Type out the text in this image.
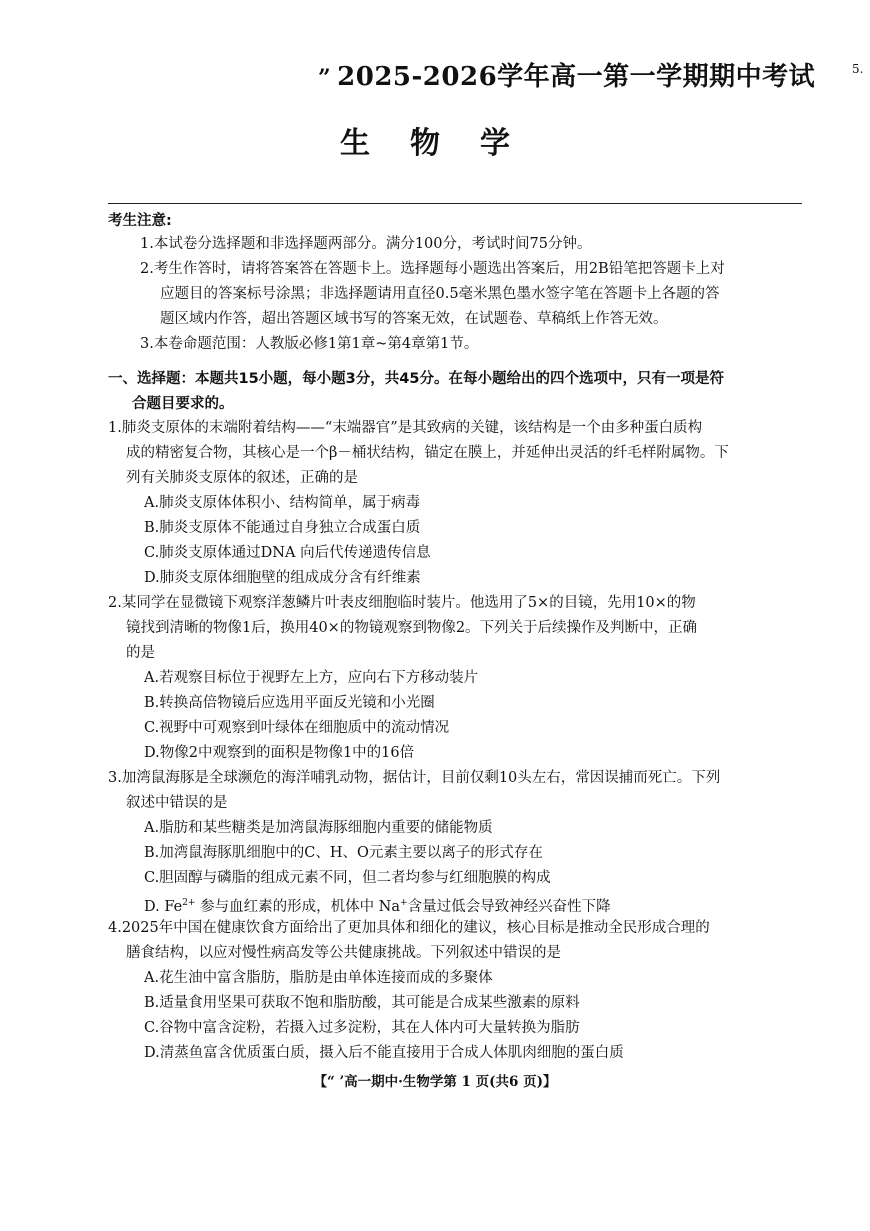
” 2025-2026学年高一第一学期期中考试	5.
生物学
考生注意:
1.本试卷分选择题和非选择题两部分。满分100分，考试时间75分钟。
2.考生作答时，请将答案答在答题卡上。选择题每小题选出答案后，用2B铅笔把答题卡上对
应题目的答案标号涂黑；非选择题请用直径0.5毫米黑色墨水签字笔在答题卡上各题的答
题区域内作答，超出答题区域书写的答案无效，在试题卷、草稿纸上作答无效。
3.本卷命题范围：人教版必修1第1章~第4章第1节。
一、选择题：本题共15小题，每小题3分，共45分。在每小题给出的四个选项中，只有一项是符
合题目要求的。
1.肺炎支原体的末端附着结构——“末端器官”是其致病的关键，该结构是一个由多种蛋白质构
成的精密复合物，其核心是一个β－桶状结构，锚定在膜上，并延伸出灵活的纤毛样附属物。下
列有关肺炎支原体的叙述，正确的是
A.肺炎支原体体积小、结构简单，属于病毒
B.肺炎支原体不能通过自身独立合成蛋白质
C.肺炎支原体通过DNA 向后代传递遗传信息
D.肺炎支原体细胞壁的组成成分含有纤维素
2.某同学在显微镜下观察洋葱鳞片叶表皮细胞临时装片。他选用了5×的目镜，先用10×的物
镜找到清晰的物像1后，换用40×的物镜观察到物像2。下列关于后续操作及判断中，正确
的是
A.若观察目标位于视野左上方，应向右下方移动装片
B.转换高倍物镜后应选用平面反光镜和小光圈
C.视野中可观察到叶绿体在细胞质中的流动情况
D.物像2中观察到的面积是物像1中的16倍
3.加湾鼠海豚是全球濒危的海洋哺乳动物，据估计，目前仅剩10头左右，常因误捕而死亡。下列
叙述中错误的是
A.脂肪和某些糖类是加湾鼠海豚细胞内重要的储能物质
B.加湾鼠海豚肌细胞中的C、H、O元素主要以离子的形式存在
C.胆固醇与磷脂的组成元素不同，但二者均参与红细胞膜的构成
D. $Fe^{2+}$ 参与血红素的形成，机体中 Na+含量过低会导致神经兴奋性下降
4.2025年中国在健康饮食方面给出了更加具体和细化的建议，核心目标是推动全民形成合理的
膳食结构，以应对慢性病高发等公共健康挑战。下列叙述中错误的是
A.花生油中富含脂肪，脂肪是由单体连接而成的多聚体
B.适量食用坚果可获取不饱和脂肪酸，其可能是合成某些激素的原料
C.谷物中富含淀粉，若摄入过多淀粉，其在人体内可大量转换为脂肪
D.清蒸鱼富含优质蛋白质，摄入后不能直接用于合成人体肌肉细胞的蛋白质
【“ ’高一期中·生物学第 1 页(共6 页)】
